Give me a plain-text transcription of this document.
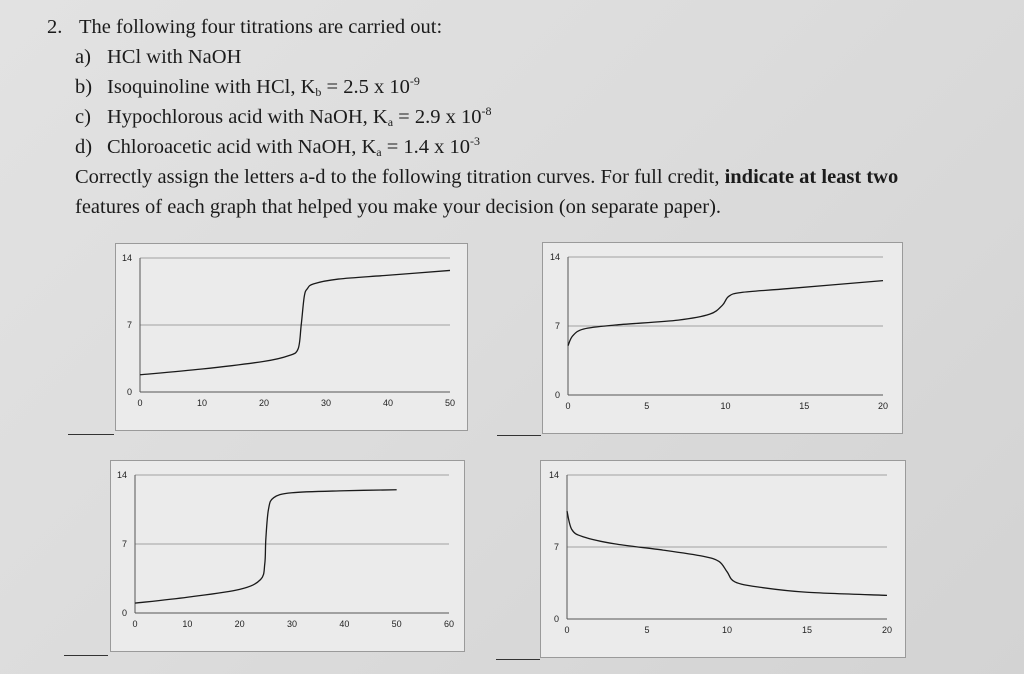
2. The following four titrations are carried out:
a) HCl with NaOH
b) Isoquinoline with HCl, $K_b = 2.5$ x $10^{-9}$
c) Hypochlorous acid with NaOH, $K_a = 2.9$ x $10^{-8}$
d) Chloroacetic acid with NaOH, $K_a = 1.4$ x $10^{-3}$
Correctly assign the letters a-d to the following titration curves. For full credit, indicate at least two
features of each graph that helped you make your decision (on separate paper).
0
7
14
0	10	20	30	40	50
0
7
14
0	5	10	15	20
0
7
14
0	10	20	30	40	50	60	0
7
14
0	5	10	15	20
